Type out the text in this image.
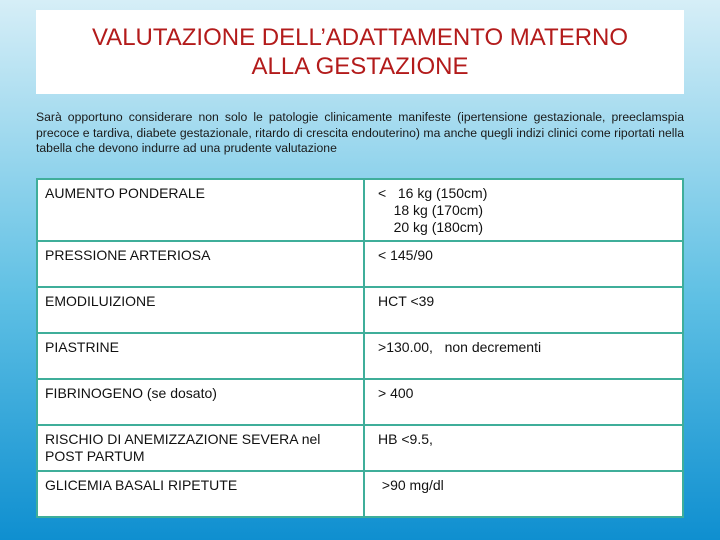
VALUTAZIONE DELL’ADATTAMENTO MATERNO
ALLA GESTAZIONE
Sarà opportuno considerare non solo le patologie clinicamente manifeste (ipertensione gestazionale, preeclamspia precoce e tardiva, diabete gestazionale, ritardo di crescita endouterino) ma anche quegli indizi clinici come riportati nella tabella che devono indurre ad una prudente valutazione
AUMENTO PONDERALE	<   16 kg (150cm)
18 kg (170cm)
20 kg (180cm)

PRESSIONE ARTERIOSA	< 145/90

EMODILUIZIONE	HCT <39

PIASTRINE	>130.00,   non decrementi

FIBRINOGENO (se dosato)	> 400

RISCHIO DI ANEMIZZAZIONE SEVERA nel POST PARTUM	HB <9.5,

GLICEMIA BASALI RIPETUTE	>90 mg/dl
